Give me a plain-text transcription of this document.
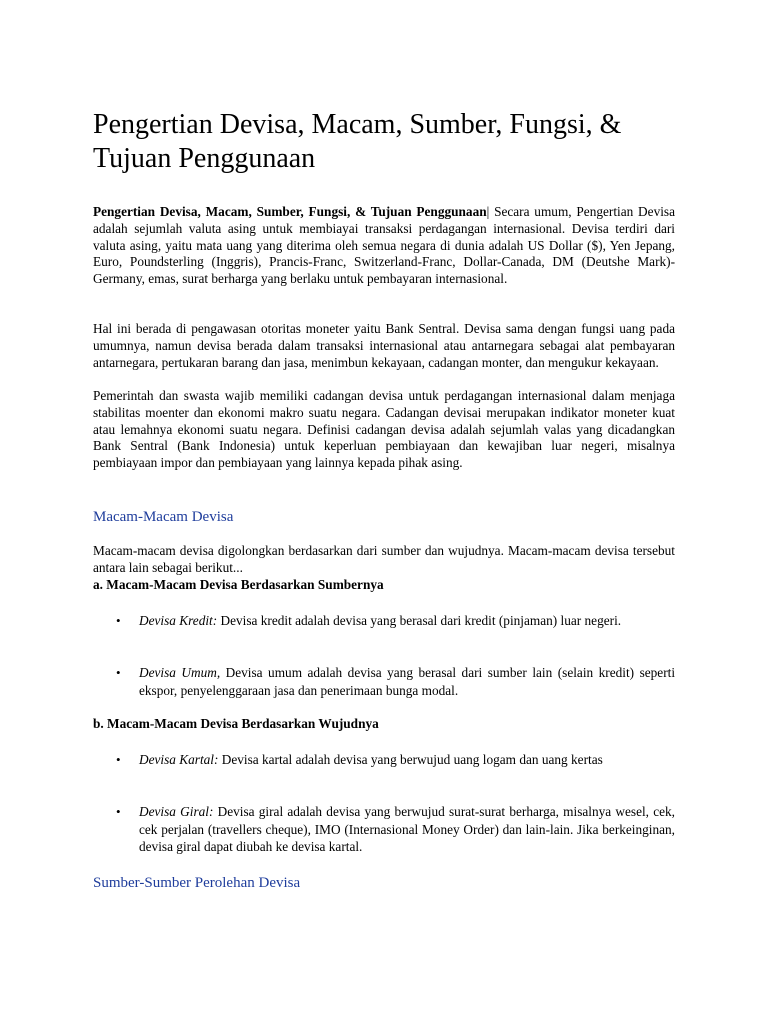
Pengertian Devisa, Macam, Sumber, Fungsi, & Tujuan Penggunaan
Pengertian Devisa, Macam, Sumber, Fungsi, & Tujuan Penggunaan| Secara umum, Pengertian Devisa adalah sejumlah valuta asing untuk membiayai transaksi perdagangan internasional. Devisa terdiri dari valuta asing, yaitu mata uang yang diterima oleh semua negara di dunia adalah US Dollar ($), Yen Jepang, Euro, Poundsterling (Inggris), Prancis-Franc, Switzerland-Franc, Dollar-Canada, DM (Deutshe Mark)- Germany, emas, surat berharga yang berlaku untuk pembayaran internasional.
Hal ini berada di pengawasan otoritas moneter yaitu Bank Sentral. Devisa sama dengan fungsi uang pada umumnya, namun devisa berada dalam transaksi internasional atau antarnegara sebagai alat pembayaran antarnegara, pertukaran barang dan jasa, menimbun kekayaan, cadangan monter, dan mengukur kekayaan.
Pemerintah dan swasta wajib memiliki cadangan devisa untuk perdagangan internasional dalam menjaga stabilitas moenter dan ekonomi makro suatu negara. Cadangan devisai merupakan indikator moneter kuat atau lemahnya ekonomi suatu negara. Definisi cadangan devisa adalah sejumlah valas yang dicadangkan Bank Sentral (Bank Indonesia) untuk keperluan pembiayaan dan kewajiban luar negeri, misalnya pembiayaan impor dan pembiayaan yang lainnya kepada pihak asing.
Macam-Macam Devisa
Macam-macam devisa digolongkan berdasarkan dari sumber dan wujudnya. Macam-macam devisa tersebut antara lain sebagai berikut...
a. Macam-Macam Devisa Berdasarkan Sumbernya
• Devisa Kredit: Devisa kredit adalah devisa yang berasal dari kredit (pinjaman) luar negeri.
• Devisa Umum, Devisa umum adalah devisa yang berasal dari sumber lain (selain kredit) seperti ekspor, penyelenggaraan jasa dan penerimaan bunga modal.
b. Macam-Macam Devisa Berdasarkan Wujudnya
• Devisa Kartal: Devisa kartal adalah devisa yang berwujud uang logam dan uang kertas
• Devisa Giral: Devisa giral adalah devisa yang berwujud surat-surat berharga, misalnya wesel, cek, cek perjalan (travellers cheque), IMO (Internasional Money Order) dan lain-lain. Jika berkeinginan, devisa giral dapat diubah ke devisa kartal.
Sumber-Sumber Perolehan Devisa
